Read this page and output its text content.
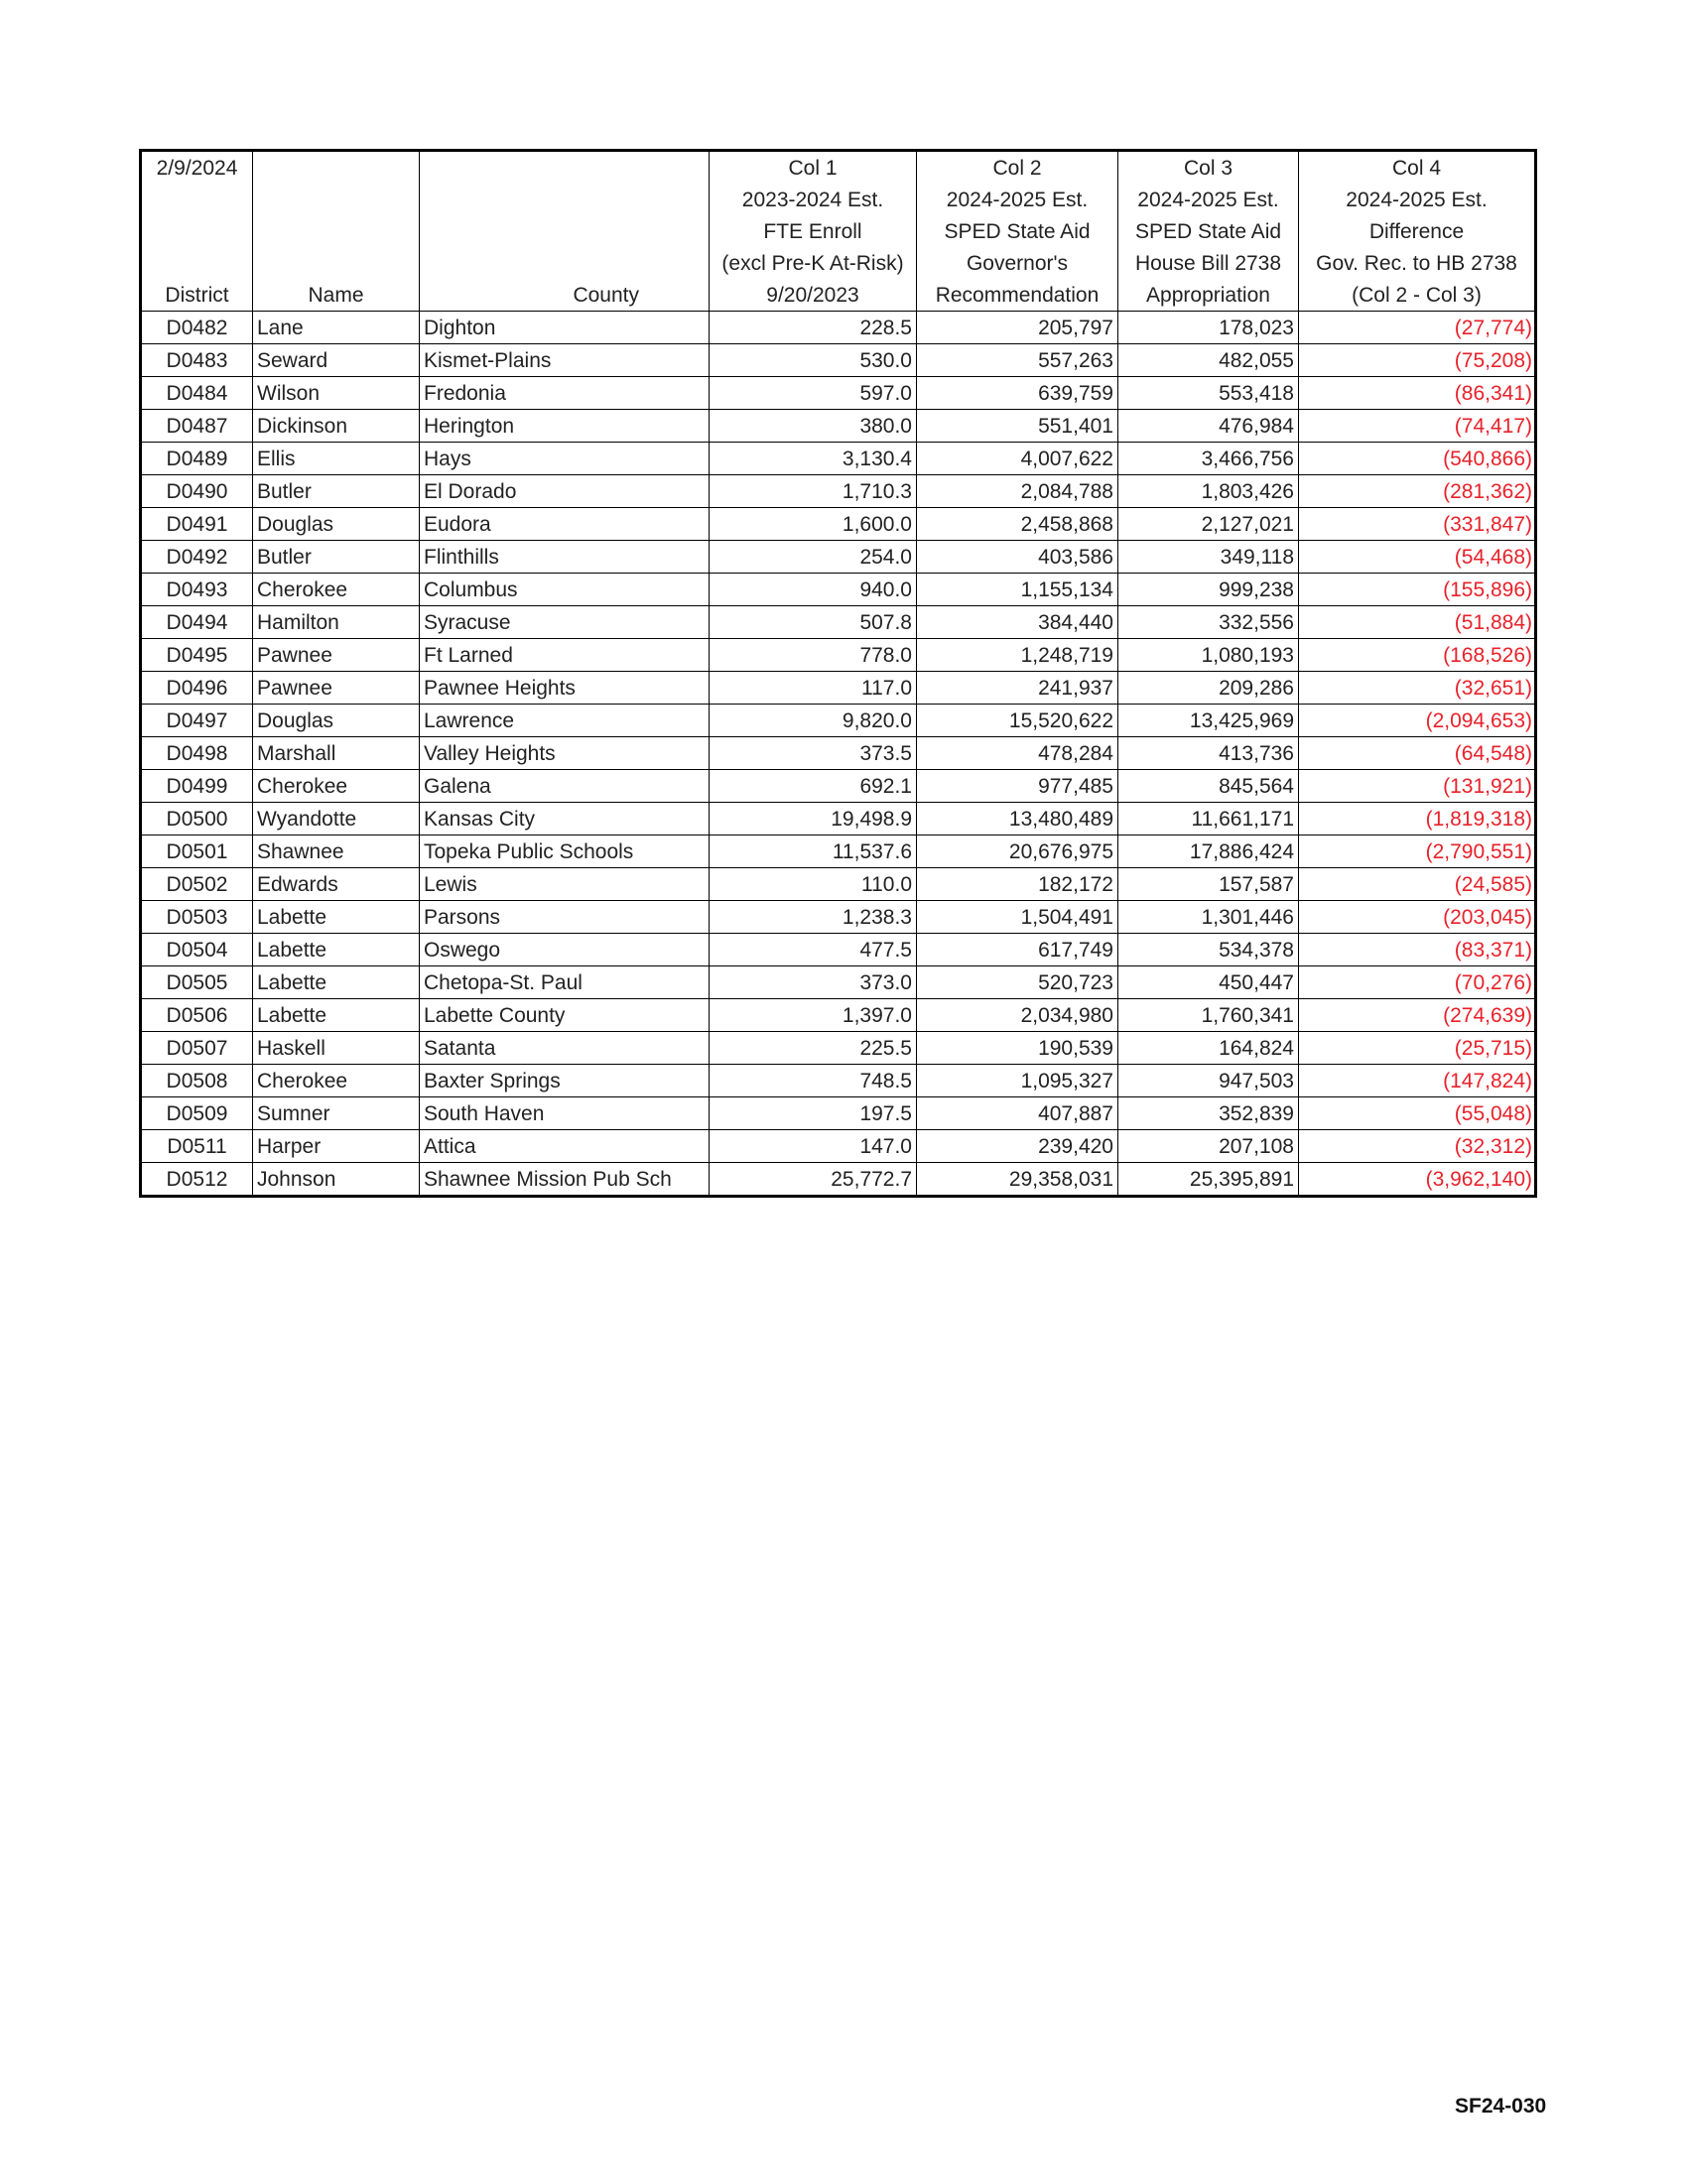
2/9/2024			Col 1	Col 2	Col 3	Col 4
			2023-2024 Est.	2024-2025 Est.	2024-2025 Est.	2024-2025 Est.
			FTE Enroll	SPED State Aid	SPED State Aid	Difference
			(excl Pre-K At-Risk)	Governor's	House Bill 2738	Gov. Rec. to HB 2738
District	Name	County	9/20/2023	Recommendation	Appropriation	(Col 2 - Col 3)
D0482	Lane	Dighton	228.5	205,797	178,023	(27,774)
D0483	Seward	Kismet-Plains	530.0	557,263	482,055	(75,208)
D0484	Wilson	Fredonia	597.0	639,759	553,418	(86,341)
D0487	Dickinson	Herington	380.0	551,401	476,984	(74,417)
D0489	Ellis	Hays	3,130.4	4,007,622	3,466,756	(540,866)
D0490	Butler	El Dorado	1,710.3	2,084,788	1,803,426	(281,362)
D0491	Douglas	Eudora	1,600.0	2,458,868	2,127,021	(331,847)
D0492	Butler	Flinthills	254.0	403,586	349,118	(54,468)
D0493	Cherokee	Columbus	940.0	1,155,134	999,238	(155,896)
D0494	Hamilton	Syracuse	507.8	384,440	332,556	(51,884)
D0495	Pawnee	Ft Larned	778.0	1,248,719	1,080,193	(168,526)
D0496	Pawnee	Pawnee Heights	117.0	241,937	209,286	(32,651)
D0497	Douglas	Lawrence	9,820.0	15,520,622	13,425,969	(2,094,653)
D0498	Marshall	Valley Heights	373.5	478,284	413,736	(64,548)
D0499	Cherokee	Galena	692.1	977,485	845,564	(131,921)
D0500	Wyandotte	Kansas City	19,498.9	13,480,489	11,661,171	(1,819,318)
D0501	Shawnee	Topeka Public Schools	11,537.6	20,676,975	17,886,424	(2,790,551)
D0502	Edwards	Lewis	110.0	182,172	157,587	(24,585)
D0503	Labette	Parsons	1,238.3	1,504,491	1,301,446	(203,045)
D0504	Labette	Oswego	477.5	617,749	534,378	(83,371)
D0505	Labette	Chetopa-St. Paul	373.0	520,723	450,447	(70,276)
D0506	Labette	Labette County	1,397.0	2,034,980	1,760,341	(274,639)
D0507	Haskell	Satanta	225.5	190,539	164,824	(25,715)
D0508	Cherokee	Baxter Springs	748.5	1,095,327	947,503	(147,824)
D0509	Sumner	South Haven	197.5	407,887	352,839	(55,048)
D0511	Harper	Attica	147.0	239,420	207,108	(32,312)
D0512	Johnson	Shawnee Mission Pub Sch	25,772.7	29,358,031	25,395,891	(3,962,140)
SF24-030
